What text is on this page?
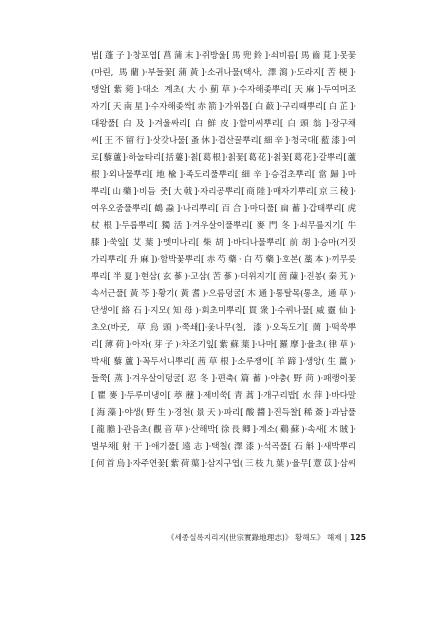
범[蓬子]·창포엽[菖蒲末]·쥐방울[馬兜鈴]·쇠비름[馬齒莧]·못꽃
(마린, 馬藺)·부들꽃[蒲黃]·소귀나물(택사, 澤瀉)·도라지[苦梗]·
탱알[紫菀]·대소 계초(大小薊草)·수자해좆뿌리[天麻]·두여머조
자기[天南星]·수자해좆싹[赤箭]·가위톱[白蘞]·구리때뿌리[白芷]·
대왕풀[白及]·겨울싸리[白鮮皮]·할미씨뿌리[白頭翁]·장구채
씨[王不留行]·삿갓나물[蚤休]·겹산꿀뿌리[細辛]·청국대[藍漆]·여
로[藜蘆]·하눌타리[括蔞]·칡[葛根]·칡꽃[葛花]·칡꽃[葛花]·갈뿌리[蘆
根]·외나물뿌리[地楡]·족도리풀뿌리[細辛]·승검초뿌리[當歸]·마
뿌리[山藥]·비듬 줏[大戟]·자리공뿌리[商陸]·매자기뿌리[京三稜]·
여우오줌풀뿌리[鶴蝨]·나리뿌리[百合]·마디풀[扁蓄]·갑태뿌리[虎
杖根]·두릅뿌리[獨活]·겨우살이풀뿌리[麥門冬]·쇠무릎지기[牛
膝]·쑥잎[艾葉]·멧미나리[柴胡]·바디나물뿌리[前胡]·승마(거짓
가리뿌리[升麻])·함박꽃뿌리[赤芍藥·白芍藥]·호본(藁本)·끼무릇
뿌리[半夏]·현삼(玄蔘)·고삼(苦蔘)·더위지기[茵蔯]·진봉(秦艽)·
속서근풀[黃芩]·황기(黃耆)·으름덩굴[木通]·통탈목(통초, 通草)·
단생이[絡石]·지모(知母)·회초미뿌리[貫衆]·수뤼나물[威靈仙]·
초오(바곳, 草烏頭)·쭉쇄[]·옻나무(칠, 漆)·오독도기[蕳]·떡쑥뿌
리[薄荷]·아자(芽子)·차조기잎[紫蘇葉]·나마[羅摩]·율초(律草)·
박새[藜蘆]·꼭두서니뿌리[茜草根]·소루쟁이[羊蹄]·생앙(生薑)·
들쭉[蒸]·겨우살이덩굴[忍冬]·편축(篇蓄)·야충(野苘)·패랭이꽃
[瞿麥]·두루미냉이[葶藶]·제비쑥[青蒿]·개구리밥[水萍]·바다말
[海藻]·야생(野生)·경천(景天)·파리[酸醬]·진득찰[稀薟]·과남풀
[龍膽]·관음초(觀音草)·산해박[徐長卿]·계소(鷄蘇)·속새[木賊]·
벌부채[射干]·애기풀[遠志]·택칠(澤漆)·석곡풀[石斛]·새박뿌리
[何首烏]·자주연꽃[紫荷蕖]·삼지구엽(三枝九葉)·율무[薏苡]·삼씨
《세종실록지리지(世宗實錄地理志)》 황해도》 해제 | 125
